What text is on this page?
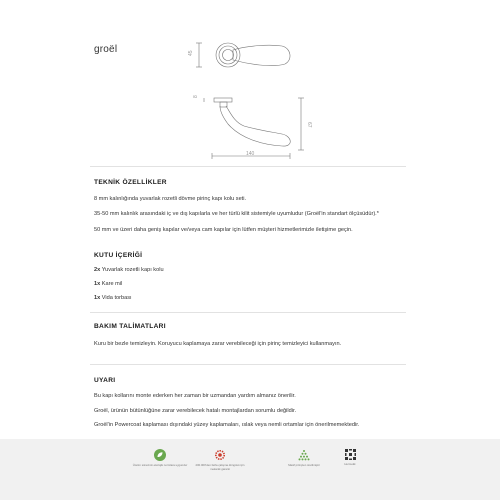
groël	45
8
67
140
TEKNİK ÖZELLİKLER
8 mm kalınlığında yuvarlak rozetli dövme pirinç kapı kolu seti.
35-50 mm kalınlık arasındaki iç ve dış kapılarla ve her türlü kilit sistemiyle uyumludur (Groël'in standart ölçüsüdür).*
50 mm ve üzeri daha geniş kapılar ve/veya cam kapılar için lütfen müşteri hizmetlerimizle iletişime geçin.
KUTU İÇERİĞİ
2x Yuvarlak rozetli kapı kolu
1x Kare mil
1x Vida torbası
BAKIM TALİMATLARI
Kuru bir bezle temizleyin. Koruyucu kaplamaya zarar verebileceği için pirinç temizleyici kullanmayın.
UYARI
Bu kapı kollarını monte ederken her zaman bir uzmandan yardım almanız önerilir.
Groël, ürünün bütünlüğüne zarar verebilecek hatalı montajlardan sorumlu değildir.
Groël'in Powercoat kaplaması dışındaki yüzey kaplamaları, ıslak veya nemli ortamlar için önerilmemektedir.
Üretim sürecinin ekolojik normlara uygundur	200.000'den fazla çalışma döngüsü için mekanik garanti
Masif pirinçten üretilmiştir	Hermetik
